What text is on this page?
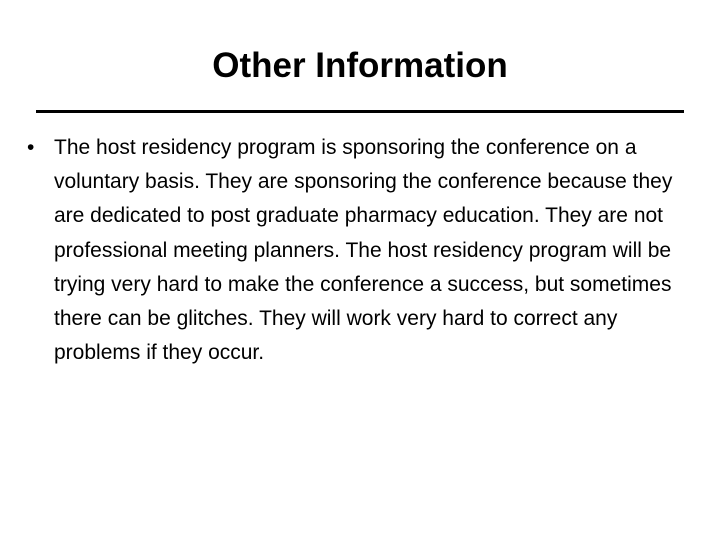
Other Information
• The host residency program is sponsoring the conference on a voluntary basis. They are sponsoring the conference because they are dedicated to post graduate pharmacy education. They are not professional meeting planners. The host residency program will be trying very hard to make the conference a success, but sometimes there can be glitches. They will work very hard to correct any problems if they occur.
